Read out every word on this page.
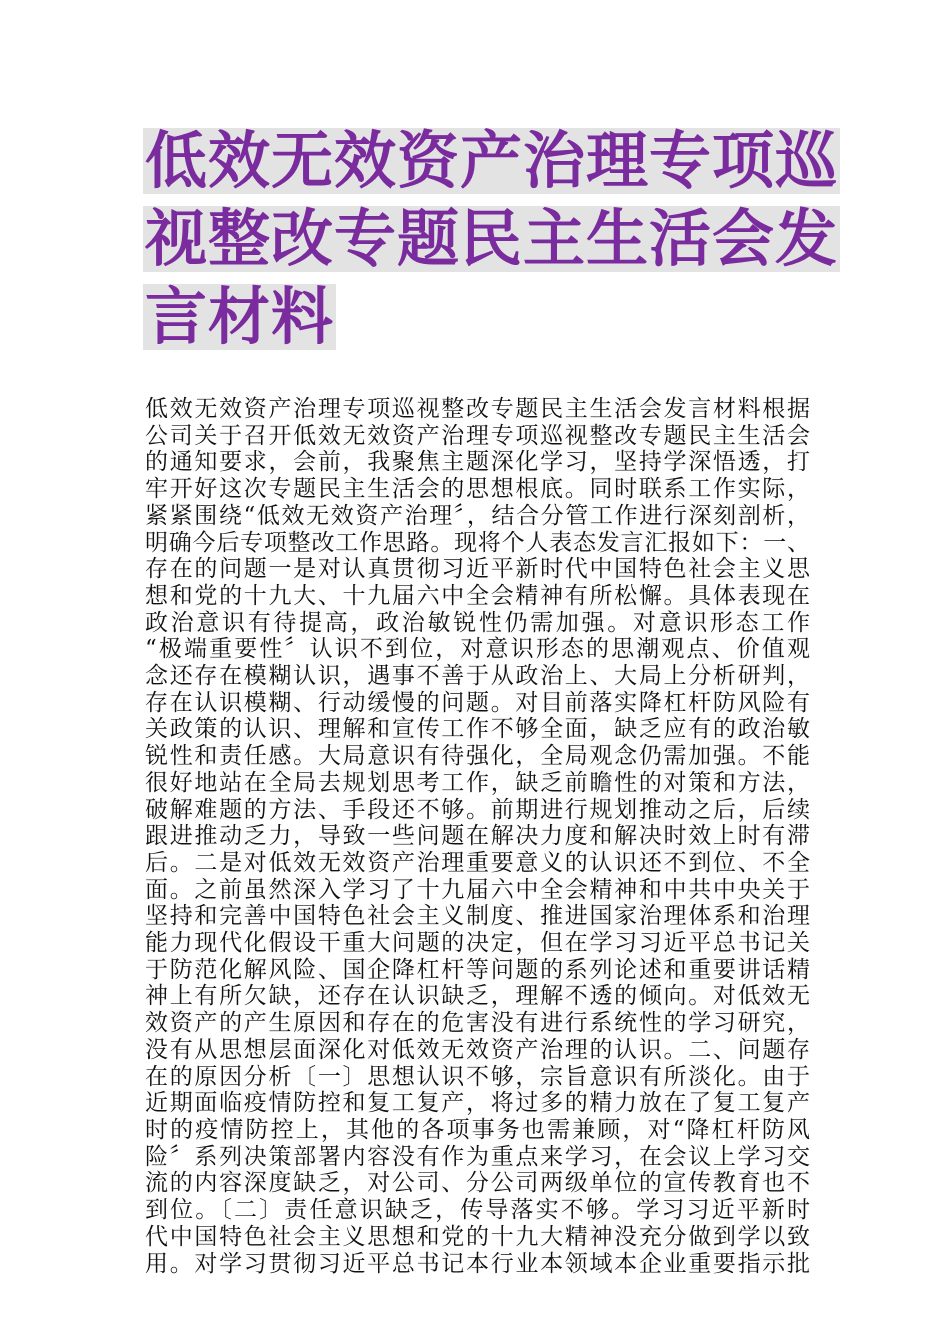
低效无效资产治理专项巡
视整改专题民主生活会发
言材料
低效无效资产治理专项巡视整改专题民主生活会发言材料根据
公司关于召开低效无效资产治理专项巡视整改专题民主生活会
的通知要求，会前，我聚焦主题深化学习，坚持学深悟透，打
牢开好这次专题民主生活会的思想根底。同时联系工作实际，
紧紧围绕“低效无效资产治理〞，结合分管工作进行深刻剖析，
明确今后专项整改工作思路。现将个人表态发言汇报如下：一、
存在的问题一是对认真贯彻习近平新时代中国特色社会主义思
想和党的十九大、十九届六中全会精神有所松懈。具体表现在
政治意识有待提高，政治敏锐性仍需加强。对意识形态工作
“极端重要性〞认识不到位，对意识形态的思潮观点、价值观
念还存在模糊认识，遇事不善于从政治上、大局上分析研判，
存在认识模糊、行动缓慢的问题。对目前落实降杠杆防风险有
关政策的认识、理解和宣传工作不够全面，缺乏应有的政治敏
锐性和责任感。大局意识有待强化，全局观念仍需加强。不能
很好地站在全局去规划思考工作，缺乏前瞻性的对策和方法，
破解难题的方法、手段还不够。前期进行规划推动之后，后续
跟进推动乏力，导致一些问题在解决力度和解决时效上时有滞
后。二是对低效无效资产治理重要意义的认识还不到位、不全
面。之前虽然深入学习了十九届六中全会精神和中共中央关于
坚持和完善中国特色社会主义制度、推进国家治理体系和治理
能力现代化假设干重大问题的决定，但在学习习近平总书记关
于防范化解风险、国企降杠杆等问题的系列论述和重要讲话精
神上有所欠缺，还存在认识缺乏，理解不透的倾向。对低效无
效资产的产生原因和存在的危害没有进行系统性的学习研究，
没有从思想层面深化对低效无效资产治理的认识。二、问题存
在的原因分析〔一〕思想认识不够，宗旨意识有所淡化。由于
近期面临疫情防控和复工复产，将过多的精力放在了复工复产
时的疫情防控上，其他的各项事务也需兼顾，对“降杠杆防风
险〞系列决策部署内容没有作为重点来学习，在会议上学习交
流的内容深度缺乏，对公司、分公司两级单位的宣传教育也不
到位。〔二〕责任意识缺乏，传导落实不够。学习习近平新时
代中国特色社会主义思想和党的十九大精神没充分做到学以致
用。对学习贯彻习近平总书记本行业本领域本企业重要指示批
